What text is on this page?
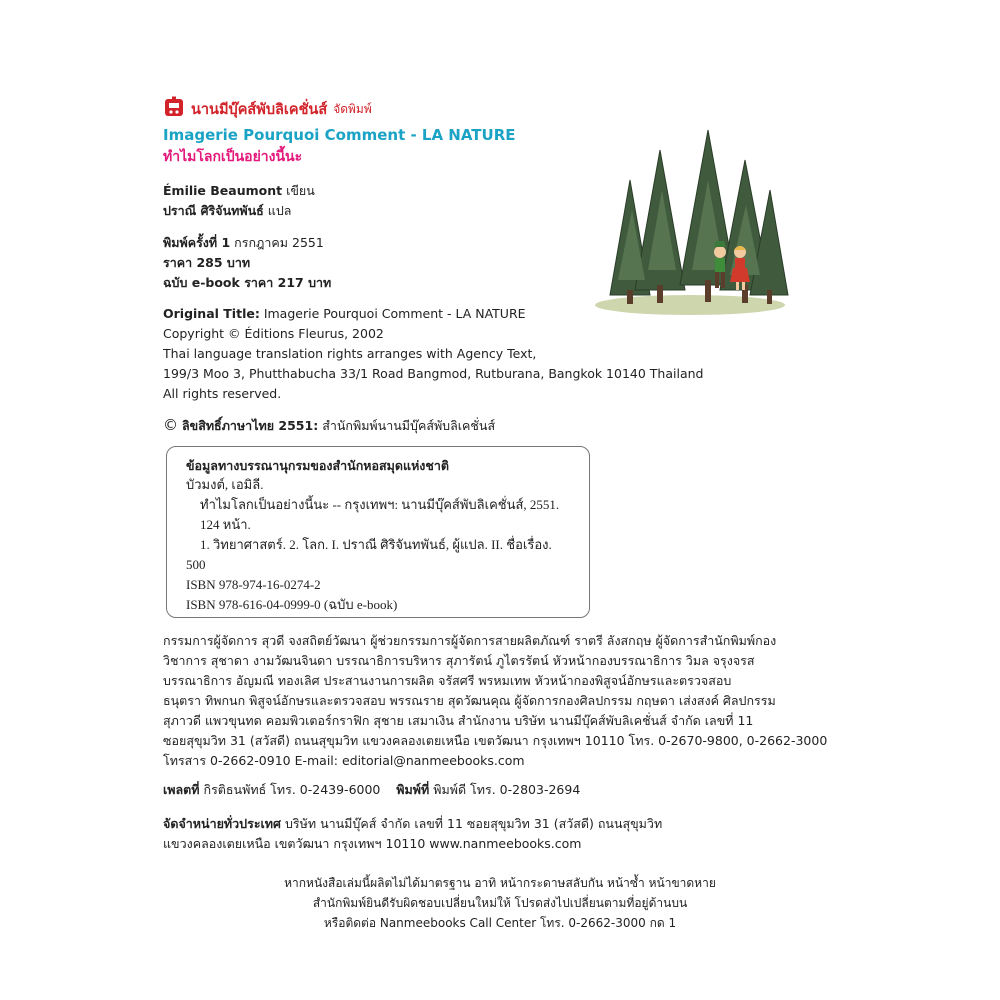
นานมีบุ๊คส์พับลิเคชั่นส์ จัดพิมพ์
Imagerie Pourquoi Comment - LA NATURE
ทำไมโลกเป็นอย่างนี้นะ
Émilie Beaumont เขียน
ปราณี ศิริจันทพันธ์ แปล
พิมพ์ครั้งที่ 1 กรกฎาคม 2551
ราคา 285 บาท
ฉบับ e-book ราคา 217 บาท
Original Title: Imagerie Pourquoi Comment - LA NATURE
Copyright © Éditions Fleurus, 2002
Thai language translation rights arranges with Agency Text,
199/3 Moo 3, Phutthabucha 33/1 Road Bangmod, Rutburana, Bangkok 10140 Thailand
All rights reserved.
© ลิขสิทธิ์ภาษาไทย 2551: สำนักพิมพ์นานมีบุ๊คส์พับลิเคชั่นส์
ข้อมูลทางบรรณานุกรมของสำนักหอสมุดแห่งชาติ
บัวมงต์, เอมิลี.
ทำไมโลกเป็นอย่างนี้นะ -- กรุงเทพฯ: นานมีบุ๊คส์พับลิเคชั่นส์, 2551.
124 หน้า.
1. วิทยาศาสตร์. 2. โลก. I. ปราณี ศิริจันทพันธ์, ผู้แปล. II. ชื่อเรื่อง.
500
ISBN 978-974-16-0274-2
ISBN 978-616-04-0999-0 (ฉบับ e-book)
กรรมการผู้จัดการ สุวดี จงสถิตย์วัฒนา ผู้ช่วยกรรมการผู้จัดการสายผลิตภัณฑ์ ราตรี ลังสกฤษ ผู้จัดการสำนักพิมพ์กอง
วิชาการ สุชาดา งามวัฒนจินดา บรรณาธิการบริหาร สุภารัตน์ ภูไตรรัตน์ หัวหน้ากองบรรณาธิการ วิมล จรุงจรส
บรรณาธิการ อัญมณี ทองเลิศ ประสานงานการผลิต จรัสศรี พรหมเทพ หัวหน้ากองพิสูจน์อักษรและตรวจสอบ
ธนุตรา ทิพกนก พิสูจน์อักษรและตรวจสอบ พรรณราย สุดวัฒนคุณ ผู้จัดการกองศิลปกรรม กฤษดา เส่งสงค์ ศิลปกรรม
สุภาวดี แพวขุนทด คอมพิวเตอร์กราฟิก สุชาย เสมาเงิน สำนักงาน บริษัท นานมีบุ๊คส์พับลิเคชั่นส์ จำกัด เลขที่ 11
ซอยสุขุมวิท 31 (สวัสดี) ถนนสุขุมวิท แขวงคลองเตยเหนือ เขตวัฒนา กรุงเทพฯ 10110 โทร. 0-2670-9800, 0-2662-3000
โทรสาร 0-2662-0910 E-mail: editorial@nanmeebooks.com
เพลตที่ กิรติธนพัทธ์ โทร. 0-2439-6000 พิมพ์ที่ พิมพ์ดี โทร. 0-2803-2694
จัดจำหน่ายทั่วประเทศ บริษัท นานมีบุ๊คส์ จำกัด เลขที่ 11 ซอยสุขุมวิท 31 (สวัสดี) ถนนสุขุมวิท
แขวงคลองเตยเหนือ เขตวัฒนา กรุงเทพฯ 10110 www.nanmeebooks.com
หากหนังสือเล่มนี้ผลิตไม่ได้มาตรฐาน อาทิ หน้ากระดาษสลับกัน หน้าซ้ำ หน้าขาดหาย
สำนักพิมพ์ยินดีรับผิดชอบเปลี่ยนใหม่ให้ โปรดส่งไปเปลี่ยนตามที่อยู่ด้านบน
หรือติดต่อ Nanmeebooks Call Center โทร. 0-2662-3000 กด 1
